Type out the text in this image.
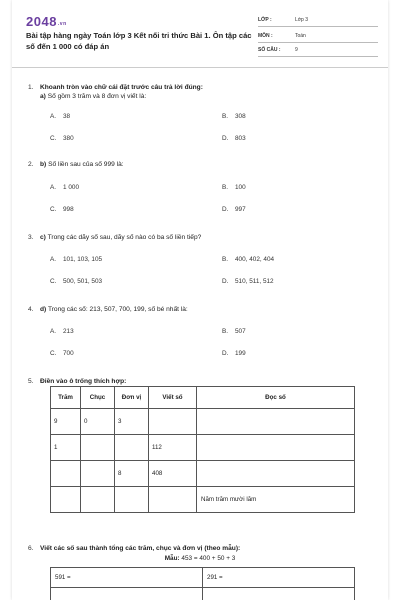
$2048^{.vn}$
Bài tập hàng ngày Toán lớp 3 Kết nối tri thức Bài 1. Ôn tập các số đến 1 000 có đáp án
LỚP :	Lớp 3
MÔN :	Toán
SỐ CÂU :	9
1. Khoanh tròn vào chữ cái đặt trước câu trả lời đúng:
a) Số gồm 3 trăm và 8 đơn vị viết là:
A. 38	B. 308
C. 380	D. 803
2. b) Số liền sau của số 999 là:
A. 1 000	B. 100
C. 998	D. 997
3. c) Trong các dãy số sau, dãy số nào có ba số liền tiếp?
A. 101, 103, 105	B. 400, 402, 404
C. 500, 501, 503	D. 510, 511, 512
4. d) Trong các số: 213, 507, 700, 199, số bé nhất là:
A. 213	B. 507
C. 700	D. 199
5. Điền vào ô trống thích hợp:
Trăm	Chục	Đơn vị	Viết số	Đọc số
9	0	3		
1			112	
		8	408	
				Năm trăm mười lăm
6. Viết các số sau thành tổng các trăm, chục và đơn vị (theo mẫu):
Mẫu: 453 = 400 + 50 + 3
591 =	291 =
